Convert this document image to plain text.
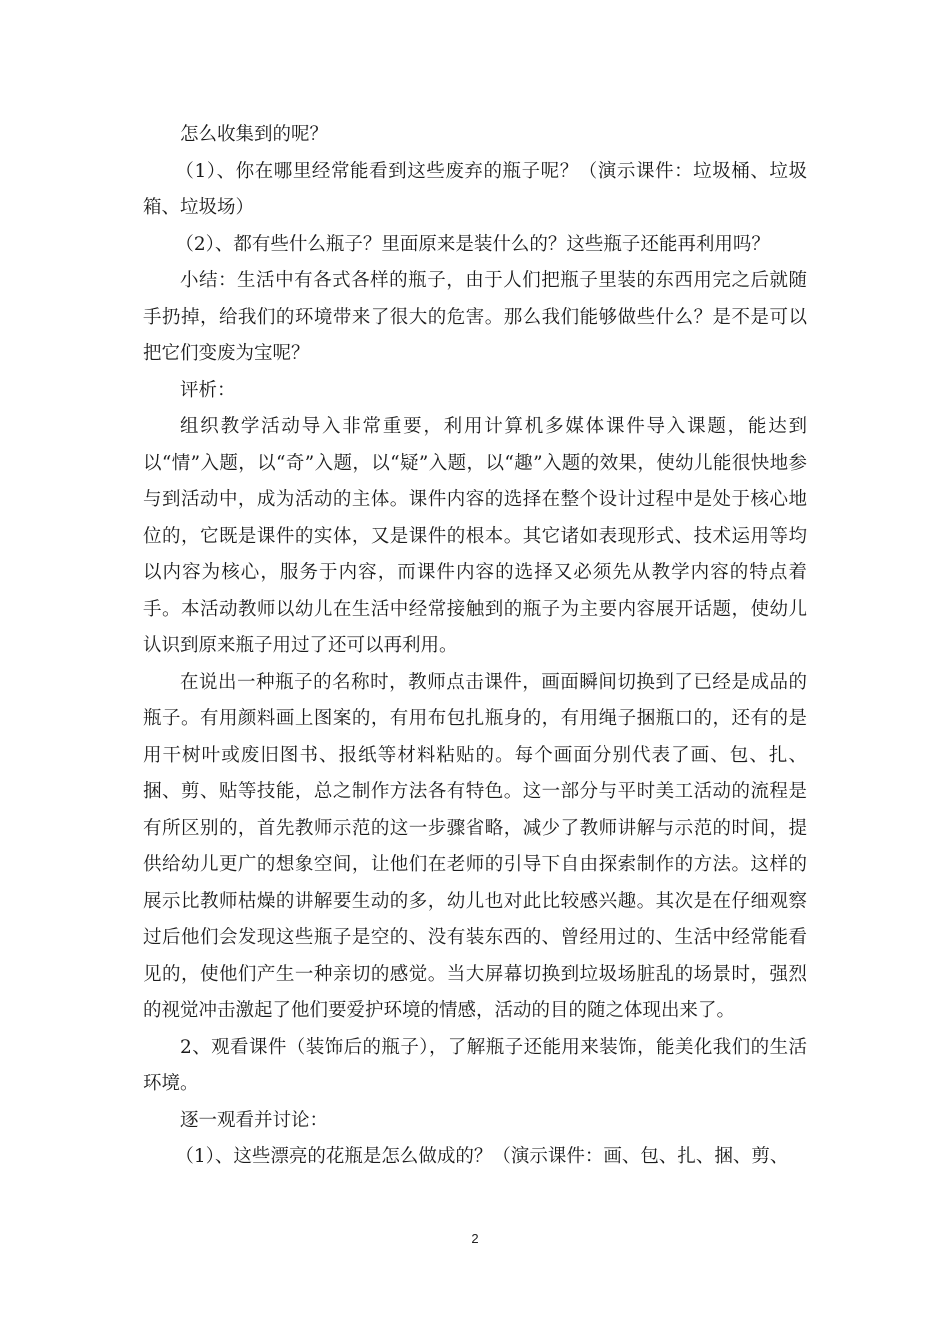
怎么收集到的呢？

（1）、你在哪里经常能看到这些废弃的瓶子呢？（演示课件：垃圾桶、垃圾箱、垃圾场）

（2）、都有些什么瓶子？里面原来是装什么的？这些瓶子还能再利用吗？

小结：生活中有各式各样的瓶子，由于人们把瓶子里装的东西用完之后就随手扔掉，给我们的环境带来了很大的危害。那么我们能够做些什么？是不是可以把它们变废为宝呢？

评析：

组织教学活动导入非常重要，利用计算机多媒体课件导入课题，能达到以“情”入题，以“奇”入题，以“疑”入题，以“趣”入题的效果，使幼儿能很快地参与到活动中，成为活动的主体。课件内容的选择在整个设计过程中是处于核心地位的，它既是课件的实体，又是课件的根本。其它诸如表现形式、技术运用等均以内容为核心，服务于内容，而课件内容的选择又必须先从教学内容的特点着手。本活动教师以幼儿在生活中经常接触到的瓶子为主要内容展开话题，使幼儿认识到原来瓶子用过了还可以再利用。

在说出一种瓶子的名称时，教师点击课件，画面瞬间切换到了已经是成品的瓶子。有用颜料画上图案的，有用布包扎瓶身的，有用绳子捆瓶口的，还有的是用干树叶或废旧图书、报纸等材料粘贴的。每个画面分别代表了画、包、扎、捆、剪、贴等技能，总之制作方法各有特色。这一部分与平时美工活动的流程是有所区别的，首先教师示范的这一步骤省略，减少了教师讲解与示范的时间，提供给幼儿更广的想象空间，让他们在老师的引导下自由探索制作的方法。这样的展示比教师枯燥的讲解要生动的多，幼儿也对此比较感兴趣。其次是在仔细观察过后他们会发现这些瓶子是空的、没有装东西的、曾经用过的、生活中经常能看见的，使他们产生一种亲切的感觉。当大屏幕切换到垃圾场脏乱的场景时，强烈的视觉冲击激起了他们要爱护环境的情感，活动的目的随之体现出来了。

2、观看课件（装饰后的瓶子），了解瓶子还能用来装饰，能美化我们的生活环境。

逐一观看并讨论：

（1）、这些漂亮的花瓶是怎么做成的？（演示课件：画、包、扎、捆、剪、

2
